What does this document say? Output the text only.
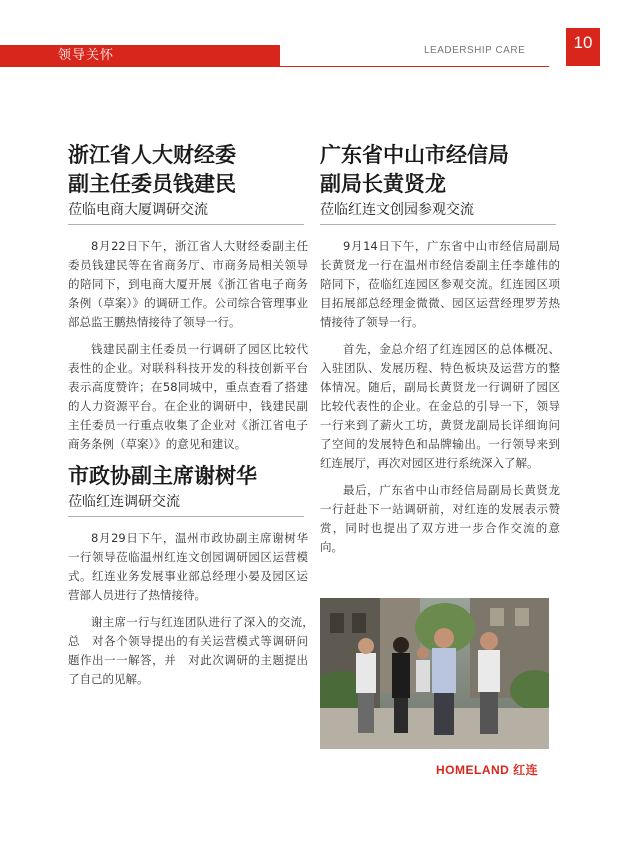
领导关怀	LEADERSHIP CARE	10
浙江省人大财经委
副主任委员钱建民
莅临电商大厦调研交流

8月22日下午，浙江省人大财经委副主任委员钱建民等在省商务厅、市商务局相关领导的陪同下，到电商大厦开展《浙江省电子商务条例（草案）》的调研工作。公司综合管理事业部总监王鹏热情接待了领导一行。

钱建民副主任委员一行调研了园区比较代表性的企业。对联科科技开发的科技创新平台表示高度赞许；在58同城中，重点查看了搭建的人力资源平台。在企业的调研中，钱建民副主任委员一行重点收集了企业对《浙江省电子商务条例（草案）》的意见和建议。

市政协副主席谢树华
莅临红连调研交流

8月29日下午，温州市政协副主席谢树华一行领导莅临温州红连文创园调研园区运营模式。红连业务发展事业部总经理小晏及园区运营部人员进行了热情接待。

谢主席一行与红连团队进行了深入的交流，　总　对各个领导提出的有关运营模式等调研问题作出一一解答，并　对此次调研的主题提出了自己的见解。

广东省中山市经信局
副局长黄贤龙
莅临红连文创园参观交流

9月14日下午，广东省中山市经信局副局长黄贤龙一行在温州市经信委副主任李雄伟的陪同下，莅临红连园区参观交流。红连园区项目拓展部总经理金微微、园区运营经理罗芳热情接待了领导一行。

首先，金总介绍了红连园区的总体概况、入驻团队、发展历程、特色板块及运营方的整体情况。随后，副局长黄贤龙一行调研了园区比较代表性的企业。在金总的引导一下，领导一行来到了薪火工坊，黄贤龙副局长详细询问了空间的发展特色和品牌输出。一行领导来到红连展厅，再次对园区进行系统深入了解。

最后，广东省中山市经信局副局长黄贤龙一行赶赴下一站调研前，对红连的发展表示赞赏，同时也提出了双方进一步合作交流的意向。

HOMELAND 红连
